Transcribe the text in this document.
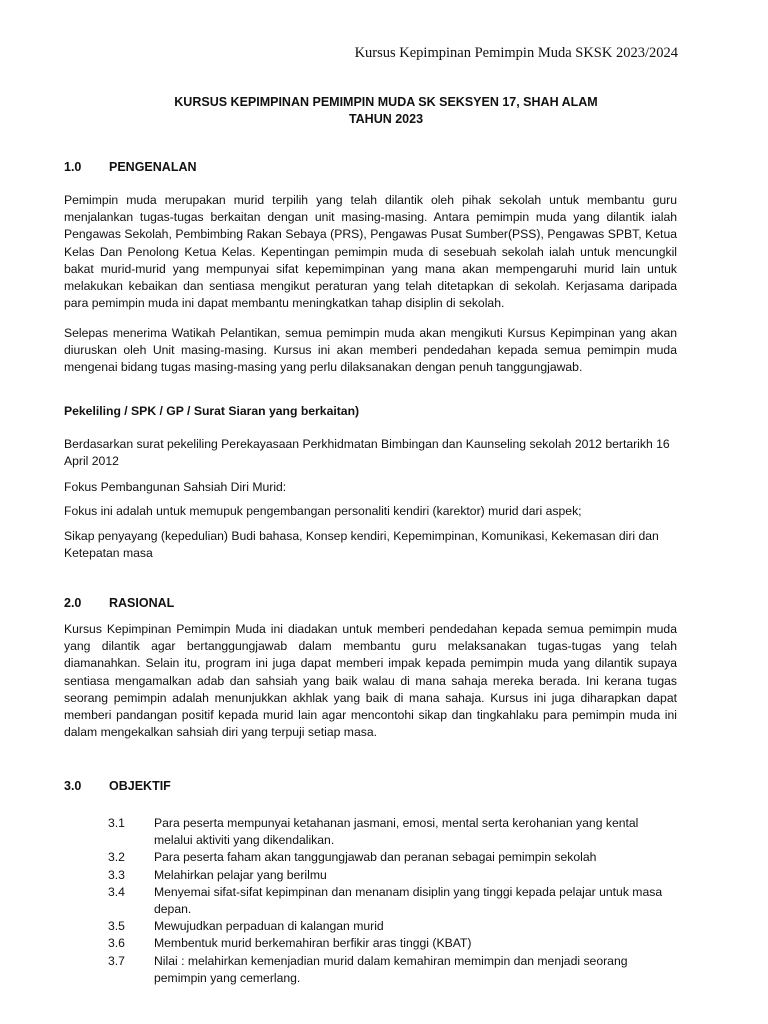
Kursus Kepimpinan Pemimpin Muda SKSK 2023/2024
KURSUS KEPIMPINAN PEMIMPIN MUDA SK SEKSYEN 17, SHAH ALAM
TAHUN 2023
1.0 PENGENALAN
Pemimpin muda merupakan murid terpilih yang telah dilantik oleh pihak sekolah untuk membantu guru menjalankan tugas-tugas berkaitan dengan unit masing-masing. Antara pemimpin muda yang dilantik ialah Pengawas Sekolah, Pembimbing Rakan Sebaya (PRS), Pengawas Pusat Sumber(PSS), Pengawas SPBT, Ketua Kelas Dan Penolong Ketua Kelas. Kepentingan pemimpin muda di sesebuah sekolah ialah untuk mencungkil bakat murid-murid yang mempunyai sifat kepemimpinan yang mana akan mempengaruhi murid lain untuk melakukan kebaikan dan sentiasa mengikut peraturan yang telah ditetapkan di sekolah. Kerjasama daripada para pemimpin muda ini dapat membantu meningkatkan tahap disiplin di sekolah.
Selepas menerima Watikah Pelantikan, semua pemimpin muda akan mengikuti Kursus Kepimpinan yang akan diuruskan oleh Unit masing-masing. Kursus ini akan memberi pendedahan kepada semua pemimpin muda mengenai bidang tugas masing-masing yang perlu dilaksanakan dengan penuh tanggungjawab.
Pekeliling / SPK / GP / Surat Siaran yang berkaitan)
Berdasarkan surat pekeliling Perekayasaan Perkhidmatan Bimbingan dan Kaunseling sekolah 2012 bertarikh 16 April 2012
Fokus Pembangunan Sahsiah Diri Murid:
Fokus ini adalah untuk memupuk pengembangan personaliti kendiri (karektor) murid dari aspek;
Sikap penyayang (kepedulian) Budi bahasa, Konsep kendiri, Kepemimpinan, Komunikasi, Kekemasan diri dan Ketepatan masa
2.0 RASIONAL
Kursus Kepimpinan Pemimpin Muda ini diadakan untuk memberi pendedahan kepada semua pemimpin muda yang dilantik agar bertanggungjawab dalam membantu guru melaksanakan tugas-tugas yang telah diamanahkan. Selain itu, program ini juga dapat memberi impak kepada pemimpin muda yang dilantik supaya sentiasa mengamalkan adab dan sahsiah yang baik walau di mana sahaja mereka berada. Ini kerana tugas seorang pemimpin adalah menunjukkan akhlak yang baik di mana sahaja. Kursus ini juga diharapkan dapat memberi pandangan positif kepada murid lain agar mencontohi sikap dan tingkahlaku para pemimpin muda ini dalam mengekalkan sahsiah diri yang terpuji setiap masa.
3.0 OBJEKTIF
3.1	Para peserta mempunyai ketahanan jasmani, emosi, mental serta kerohanian yang kental melalui aktiviti yang dikendalikan.
3.2	Para peserta faham akan tanggungjawab dan peranan sebagai pemimpin sekolah
3.3	Melahirkan pelajar yang berilmu
3.4	Menyemai sifat-sifat kepimpinan dan menanam disiplin yang tinggi kepada pelajar untuk masa depan.
3.5	Mewujudkan perpaduan di kalangan murid
3.6	Membentuk murid berkemahiran berfikir aras tinggi (KBAT)
3.7	Nilai : melahirkan kemenjadian murid dalam kemahiran memimpin dan menjadi seorang pemimpin yang cemerlang.
